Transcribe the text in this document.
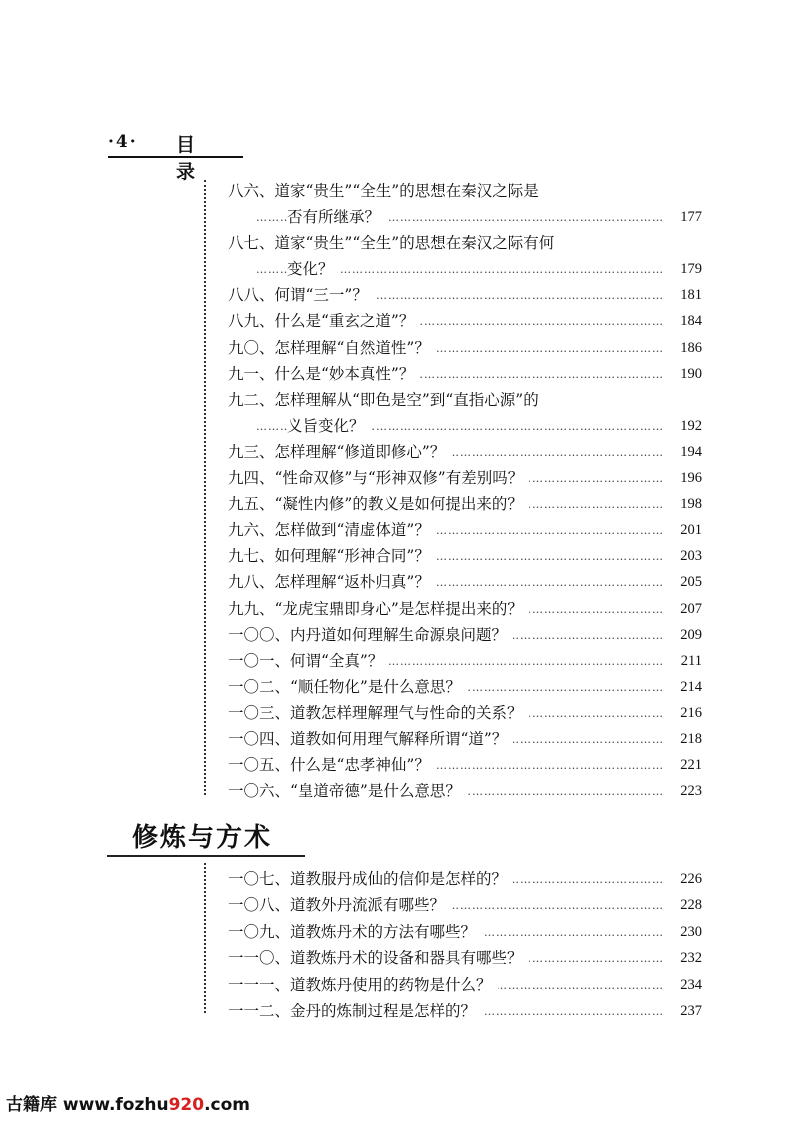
·4· 目 录
八六、道家“贵生”“全生”的思想在秦汉之际是
…………………………………………………………………………………………
否有所继承？	177
八七、道家“贵生”“全生”的思想在秦汉之际有何
…………………………………………………………………………………………
变化？	179
…………………………………………………………………………………………
八八、何谓“三一”？	181
…………………………………………………………………………………………
八九、什么是“重玄之道”？	184
…………………………………………………………………………………………
九〇、怎样理解“自然道性”？	186
…………………………………………………………………………………………
九一、什么是“妙本真性”？	190
九二、怎样理解从“即色是空”到“直指心源”的
…………………………………………………………………………………………
义旨变化？	192
…………………………………………………………………………………………
九三、怎样理解“修道即修心”？	194
…………………………………………………………………………………………
九四、“性命双修”与“形神双修”有差别吗？	196
…………………………………………………………………………………………
九五、“凝性内修”的教义是如何提出来的？	198
…………………………………………………………………………………………
九六、怎样做到“清虚体道”？	201
…………………………………………………………………………………………
九七、如何理解“形神合同”？	203
…………………………………………………………………………………………
九八、怎样理解“返朴归真”？	205
…………………………………………………………………………………………
九九、“龙虎宝鼎即身心”是怎样提出来的？	207
…………………………………………………………………………………………
一〇〇、内丹道如何理解生命源泉问题？	209
…………………………………………………………………………………………
一〇一、何谓“全真”？	211
…………………………………………………………………………………………
一〇二、“顺任物化”是什么意思？	214
…………………………………………………………………………………………
一〇三、道教怎样理解理气与性命的关系？	216
…………………………………………………………………………………………
一〇四、道教如何用理气解释所谓“道”？	218
…………………………………………………………………………………………
一〇五、什么是“忠孝神仙”？	221
…………………………………………………………………………………………
一〇六、“皇道帝德”是什么意思？	223
修炼与方术
…………………………………………………………………………………………
一〇七、道教服丹成仙的信仰是怎样的？	226
…………………………………………………………………………………………
一〇八、道教外丹流派有哪些？	228
…………………………………………………………………………………………
一〇九、道教炼丹术的方法有哪些？	230
…………………………………………………………………………………………
一一〇、道教炼丹术的设备和器具有哪些？	232
…………………………………………………………………………………………
一一一、道教炼丹使用的药物是什么？	234
…………………………………………………………………………………………
一一二、金丹的炼制过程是怎样的？	237
古籍库 www.fozhu920.com
